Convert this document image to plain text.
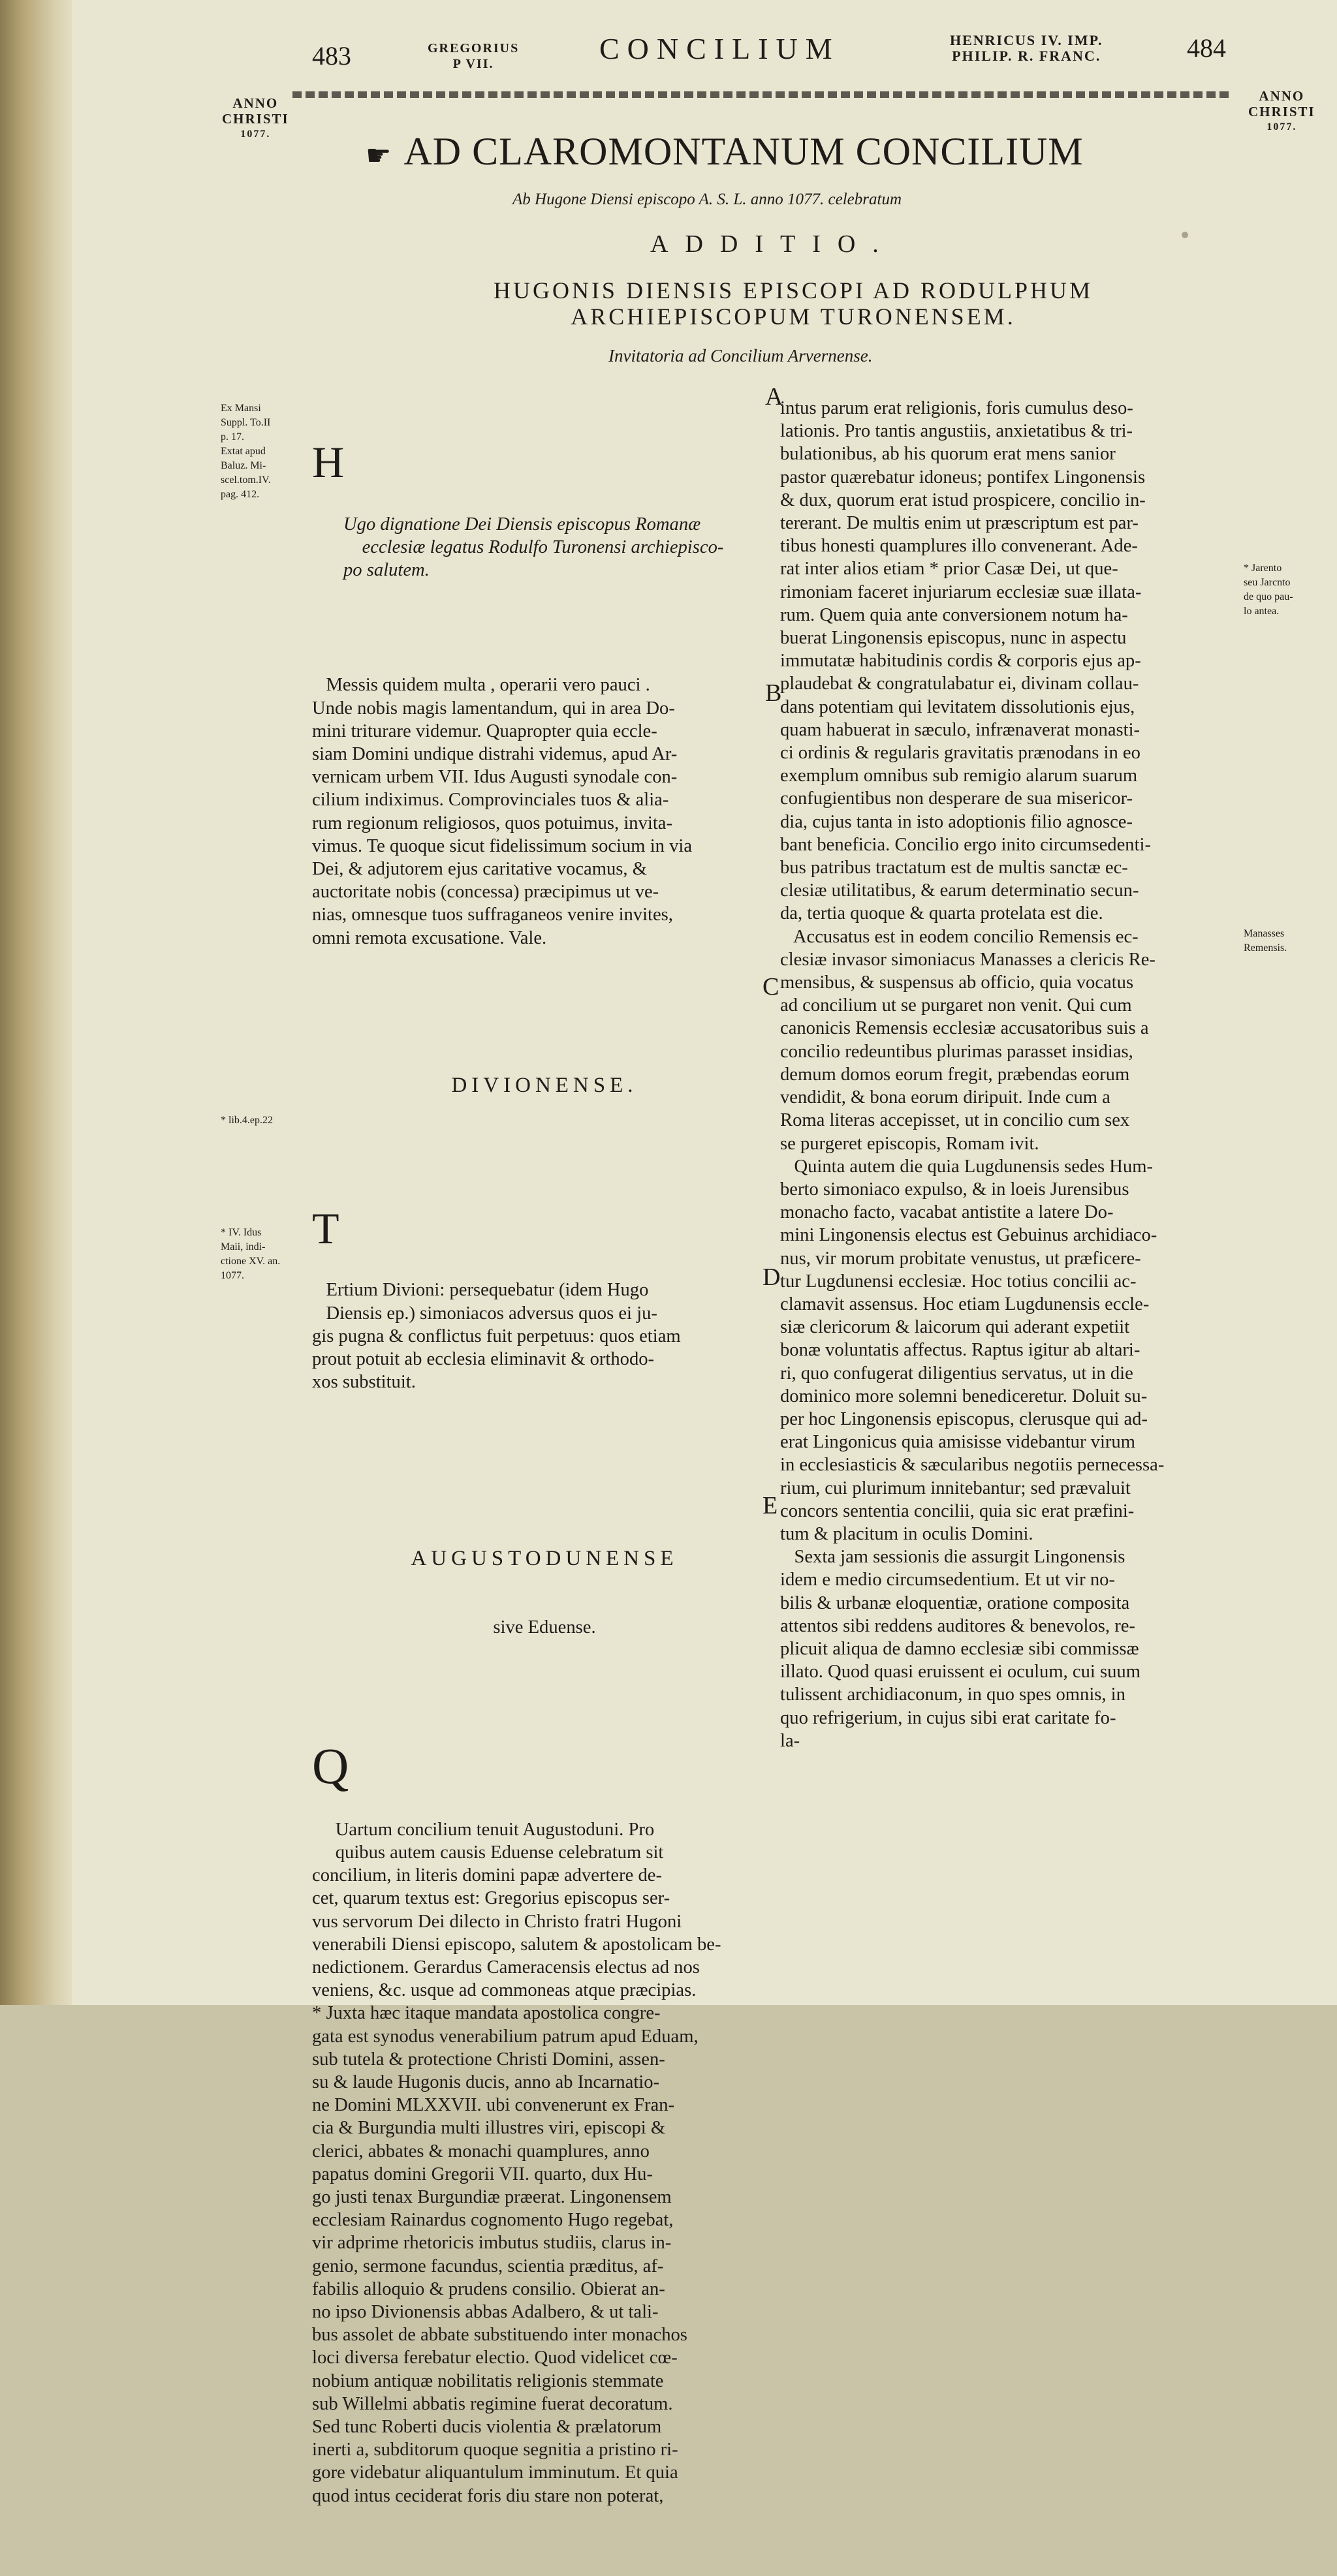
483	GREGORIUS
P VII.	CONCILIUM	HENRICUS IV. IMP.
PHILIP. R. FRANC.	484
ANNO
CHRISTI
1077.
ANNO
CHRISTI
1077.
☛ AD CLAROMONTANUM CONCILIUM
Ab Hugone Diensi episcopo A. S. L. anno 1077. celebratum
ADDITIO.
HUGONIS DIENSIS EPISCOPI AD RODULPHUM
ARCHIEPISCOPUM TURONENSEM.
Invitatoria ad Concilium Arvernense.

H

Ugo dignatione Dei Diensis episcopus Romanæ
ecclesiæ legatus Rodulfo Turonensi archiepisco-
po salutem.

Messis quidem multa , operarii vero pauci .
Unde nobis magis lamentandum, qui in area Do-
mini triturare videmur. Quapropter quia eccle-
siam Domini undique distrahi videmus, apud Ar-
vernicam urbem VII. Idus Augusti synodale con-
cilium indiximus. Comprovinciales tuos & alia-
rum regionum religiosos, quos potuimus, invita-
vimus. Te quoque sicut fidelissimum socium in via
Dei, & adjutorem ejus caritative vocamus, &
auctoritate nobis (concessa) præcipimus ut ve-
nias, omnesque tuos suffraganeos venire invites,
omni remota excusatione. Vale.

DIVIONENSE.

T

Ertium Divioni: persequebatur (idem Hugo
Diensis ep.) simoniacos adversus quos ei ju-
gis pugna & conflictus fuit perpetuus: quos etiam
prout potuit ab ecclesia eliminavit & orthodo-
xos substituit.

AUGUSTODUNENSE

sive Eduense.

Q

Uartum concilium tenuit Augustoduni. Pro
quibus autem causis Eduense celebratum sit
concilium, in literis domini papæ advertere de-
cet, quarum textus est: Gregorius episcopus ser-
vus servorum Dei dilecto in Christo fratri Hugoni
venerabili Diensi episcopo, salutem & apostolicam be-
nedictionem. Gerardus Cameracensis electus ad nos
veniens, &c. usque ad commoneas atque præcipias.
* Juxta hæc itaque mandata apostolica congre-
gata est synodus venerabilium patrum apud Eduam,
sub tutela & protectione Christi Domini, assen-
su & laude Hugonis ducis, anno ab Incarnatio-
ne Domini MLXXVII. ubi convenerunt ex Fran-
cia & Burgundia multi illustres viri, episcopi &
clerici, abbates & monachi quamplures, anno
papatus domini Gregorii VII. quarto, dux Hu-
go justi tenax Burgundiæ præerat. Lingonensem
ecclesiam Rainardus cognomento Hugo regebat,
vir adprime rhetoricis imbutus studiis, clarus in-
genio, sermone facundus, scientia præditus, af-
fabilis alloquio & prudens consilio. Obierat an-
no ipso Divionensis abbas Adalbero, & ut tali-
bus assolet de abbate substituendo inter monachos
loci diversa ferebatur electio. Quod videlicet cœ-
nobium antiquæ nobilitatis religionis stemmate
sub Willelmi abbatis regimine fuerat decoratum.
Sed tunc Roberti ducis violentia & prælatorum
inerti a, subditorum quoque segnitia a pristino ri-
gore videbatur aliquantulum imminutum. Et quia
quod intus ceciderat foris diu stare non poterat,

intus parum erat religionis, foris cumulus deso-
lationis. Pro tantis angustiis, anxietatibus & tri-
bulationibus, ab his quorum erat mens sanior
pastor quærebatur idoneus; pontifex Lingonensis
& dux, quorum erat istud prospicere, concilio in-
tererant. De multis enim ut præscriptum est par-
tibus honesti quamplures illo convenerant. Ade-
rat inter alios etiam * prior Casæ Dei, ut que-
rimoniam faceret injuriarum ecclesiæ suæ illata-
rum. Quem quia ante conversionem notum ha-
buerat Lingonensis episcopus, nunc in aspectu
immutatæ habitudinis cordis & corporis ejus ap-
plaudebat & congratulabatur ei, divinam collau-
dans potentiam qui levitatem dissolutionis ejus,
quam habuerat in sæculo, infrænaverat monasti-
ci ordinis & regularis gravitatis prænodans in eo
exemplum omnibus sub remigio alarum suarum
confugientibus non desperare de sua misericor-
dia, cujus tanta in isto adoptionis filio agnosce-
bant beneficia. Concilio ergo inito circumsedenti-
bus patribus tractatum est de multis sanctæ ec-
clesiæ utilitatibus, & earum determinatio secun-
da, tertia quoque & quarta protelata est die.
Accusatus est in eodem concilio Remensis ec-
clesiæ invasor simoniacus Manasses a clericis Re-
mensibus, & suspensus ab officio, quia vocatus
ad concilium ut se purgaret non venit. Qui cum
canonicis Remensis ecclesiæ accusatoribus suis a
concilio redeuntibus plurimas parasset insidias,
demum domos eorum fregit, præbendas eorum
vendidit, & bona eorum diripuit. Inde cum a
Roma literas accepisset, ut in concilio cum sex
se purgeret episcopis, Romam ivit.
Quinta autem die quia Lugdunensis sedes Hum-
berto simoniaco expulso, & in loeis Jurensibus
monacho facto, vacabat antistite a latere Do-
mini Lingonensis electus est Gebuinus archidiaco-
nus, vir morum probitate venustus, ut præficere-
tur Lugdunensi ecclesiæ. Hoc totius concilii ac-
clamavit assensus. Hoc etiam Lugdunensis eccle-
siæ clericorum & laicorum qui aderant expetiit
bonæ voluntatis affectus. Raptus igitur ab altari-
ri, quo confugerat diligentius servatus, ut in die
dominico more solemni benediceretur. Doluit su-
per hoc Lingonensis episcopus, clerusque qui ad-
erat Lingonicus quia amisisse videbantur virum
in ecclesiasticis & sæcularibus negotiis pernecessa-
rium, cui plurimum innitebantur; sed prævaluit
concors sententia concilii, quia sic erat præfini-
tum & placitum in oculis Domini.
Sexta jam sessionis die assurgit Lingonensis
idem e medio circumsedentium. Et ut vir no-
bilis & urbanæ eloquentiæ, oratione composita
attentos sibi reddens auditores & benevolos, re-
plicuit aliqua de damno ecclesiæ sibi commissæ
illato. Quod quasi eruissent ei oculum, cui suum
tulissent archidiaconum, in quo spes omnis, in
quo refrigerium, in cujus sibi erat caritate fo-
la-
A
B
C
D
E
Ex Mansi
Suppl. To.II
p. 17.
Extat apud
Baluz. Mi-
scel.tom.IV.
pag. 412.
* lib.4.ep.22
* IV. Idus
Maii, indi-
ctione XV. an.
1077.
* Jarento
seu Jarcnto
de quo pau-
lo antea.
Manasses
Remensis.
